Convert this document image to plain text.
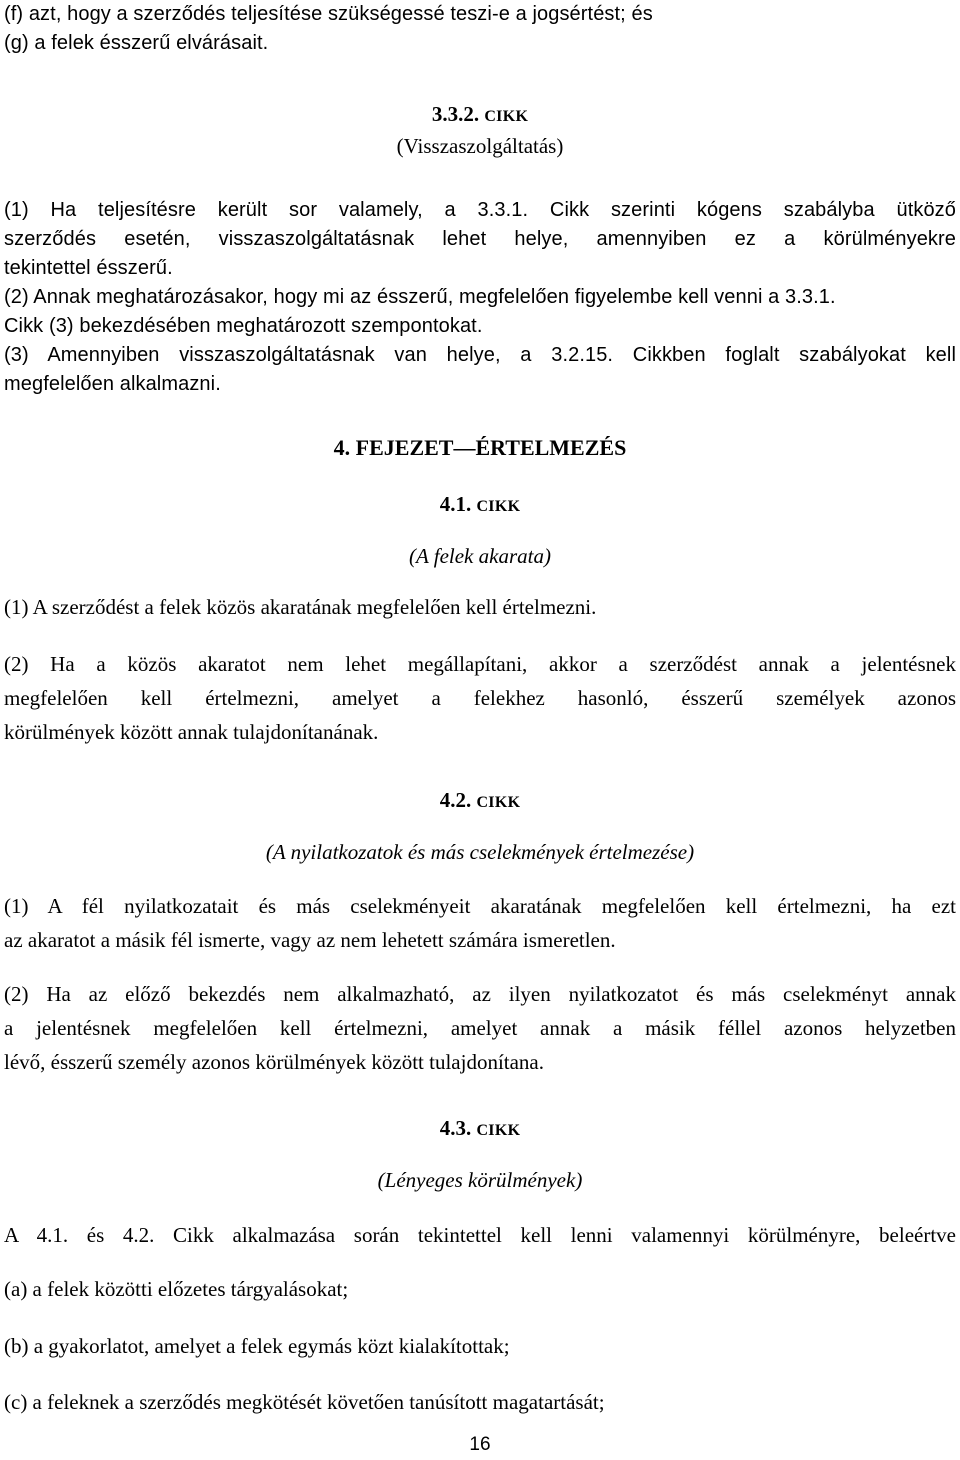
(f) azt, hogy a szerződés teljesítése szükségessé teszi-e a jogsértést; és

(g) a felek ésszerű elvárásait.

3.3.2. CIKK
(Visszaszolgáltatás)

(1) Ha teljesítésre került sor valamely, a 3.3.1. Cikk szerinti kógens szabályba ütköző
szerződés esetén, visszaszolgáltatásnak lehet helye, amennyiben ez a körülményekre
tekintettel ésszerű.

(2) Annak meghatározásakor, hogy mi az ésszerű, megfelelően figyelembe kell venni a 3.3.1.
Cikk (3) bekezdésében meghatározott szempontokat.

(3) Amennyiben visszaszolgáltatásnak van helye, a 3.2.15. Cikkben foglalt szabályokat kell
megfelelően alkalmazni.

4. FEJEZET—ÉRTELMEZÉS
4.1. CIKK
(A felek akarata)

(1) A szerződést a felek közös akaratának megfelelően kell értelmezni.

(2) Ha a közös akaratot nem lehet megállapítani, akkor a szerződést annak a jelentésnek
megfelelően kell értelmezni, amelyet a felekhez hasonló, ésszerű személyek azonos
körülmények között annak tulajdonítanának.

4.2. CIKK
(A nyilatkozatok és más cselekmények értelmezése)

(1) A fél nyilatkozatait és más cselekményeit akaratának megfelelően kell értelmezni, ha ezt
az akaratot a másik fél ismerte, vagy az nem lehetett számára ismeretlen.

(2) Ha az előző bekezdés nem alkalmazható, az ilyen nyilatkozatot és más cselekményt annak
a jelentésnek megfelelően kell értelmezni, amelyet annak a másik féllel azonos helyzetben
lévő, ésszerű személy azonos körülmények között tulajdonítana.

4.3. CIKK
(Lényeges körülmények)

A 4.1. és 4.2. Cikk alkalmazása során tekintettel kell lenni valamennyi körülményre, beleértve

(a) a felek közötti előzetes tárgyalásokat;

(b) a gyakorlatot, amelyet a felek egymás közt kialakítottak;

(c) a feleknek a szerződés megkötését követően tanúsított magatartását;

16
